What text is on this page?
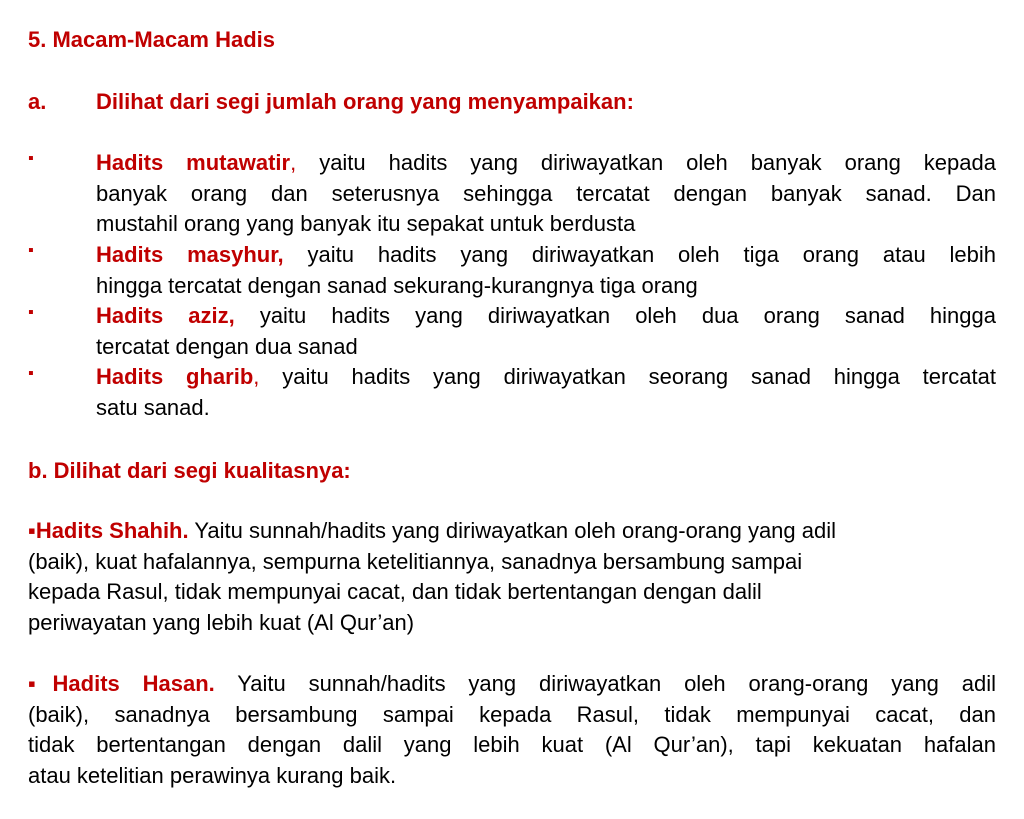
5. Macam-Macam Hadis
a. Dilihat dari segi jumlah orang yang menyampaikan:
▪	Hadits mutawatir, yaitu hadits yang diriwayatkan oleh banyak orang kepada
banyak orang dan seterusnya sehingga tercatat dengan banyak sanad. Dan
mustahil orang yang banyak itu sepakat untuk berdusta
▪	Hadits masyhur, yaitu hadits yang diriwayatkan oleh tiga orang atau lebih
hingga tercatat dengan sanad sekurang-kurangnya tiga orang
▪	Hadits aziz, yaitu hadits yang diriwayatkan oleh dua orang sanad hingga
tercatat dengan dua sanad
▪	Hadits gharib, yaitu hadits yang diriwayatkan seorang sanad hingga tercatat
satu sanad.
b. Dilihat dari segi kualitasnya:
▪Hadits Shahih. Yaitu sunnah/hadits yang diriwayatkan oleh orang-orang yang adil
(baik), kuat hafalannya, sempurna ketelitiannya, sanadnya bersambung sampai
kepada Rasul, tidak mempunyai cacat, dan tidak bertentangan dengan dalil
periwayatan yang lebih kuat (Al Qur’an)
▪Hadits Hasan. Yaitu sunnah/hadits yang diriwayatkan oleh orang-orang yang adil
(baik), sanadnya bersambung sampai kepada Rasul, tidak mempunyai cacat, dan
tidak bertentangan dengan dalil yang lebih kuat (Al Qur’an), tapi kekuatan hafalan
atau ketelitian perawinya kurang baik.
